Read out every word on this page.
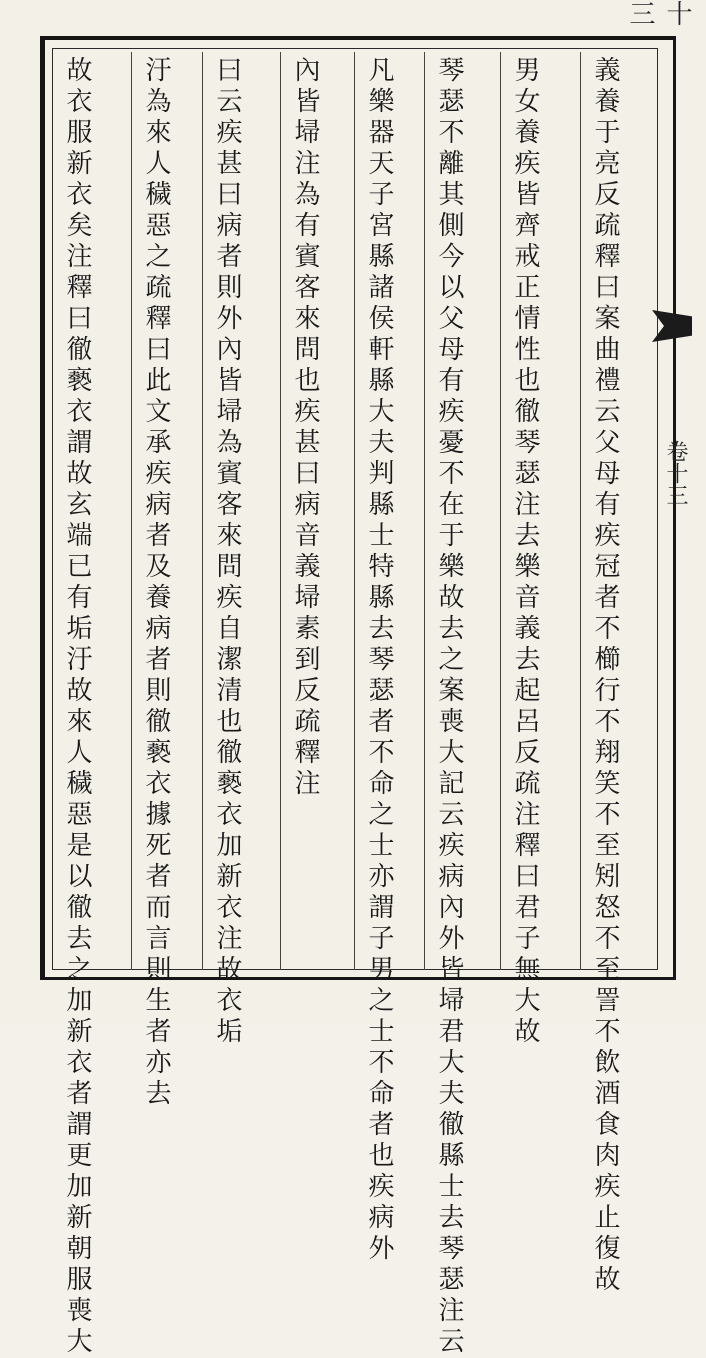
十三
卷十三
義養于亮反疏釋曰案曲禮云父母有疾冠者不櫛行不翔笑不至矧怒不至詈不飲酒食肉疾止復故
男女養疾皆齊戒正情性也徹琴瑟注去樂音義去起呂反疏注釋曰君子無大故
琴瑟不離其側今以父母有疾憂不在于樂故去之案喪大記云疾病內外皆埽君大夫徹縣士去琴瑟注云
凡樂器天子宮縣諸侯軒縣大夫判縣士特縣去琴瑟者不命之士亦謂子男之士不命者也疾病外
內皆埽注為有賓客來問也疾甚曰病音義埽素到反疏釋注
曰云疾甚曰病者則外內皆埽為賓客來問疾自潔清也徹褻衣加新衣注故衣垢
汙為來人穢惡之疏釋曰此文承疾病者及養病者則徹褻衣據死者而言則生者亦去
故衣服新衣矣注釋曰徹褻衣謂故玄端已有垢汙故來人穢惡是以徹去之加新衣者謂更加新朝服喪大
